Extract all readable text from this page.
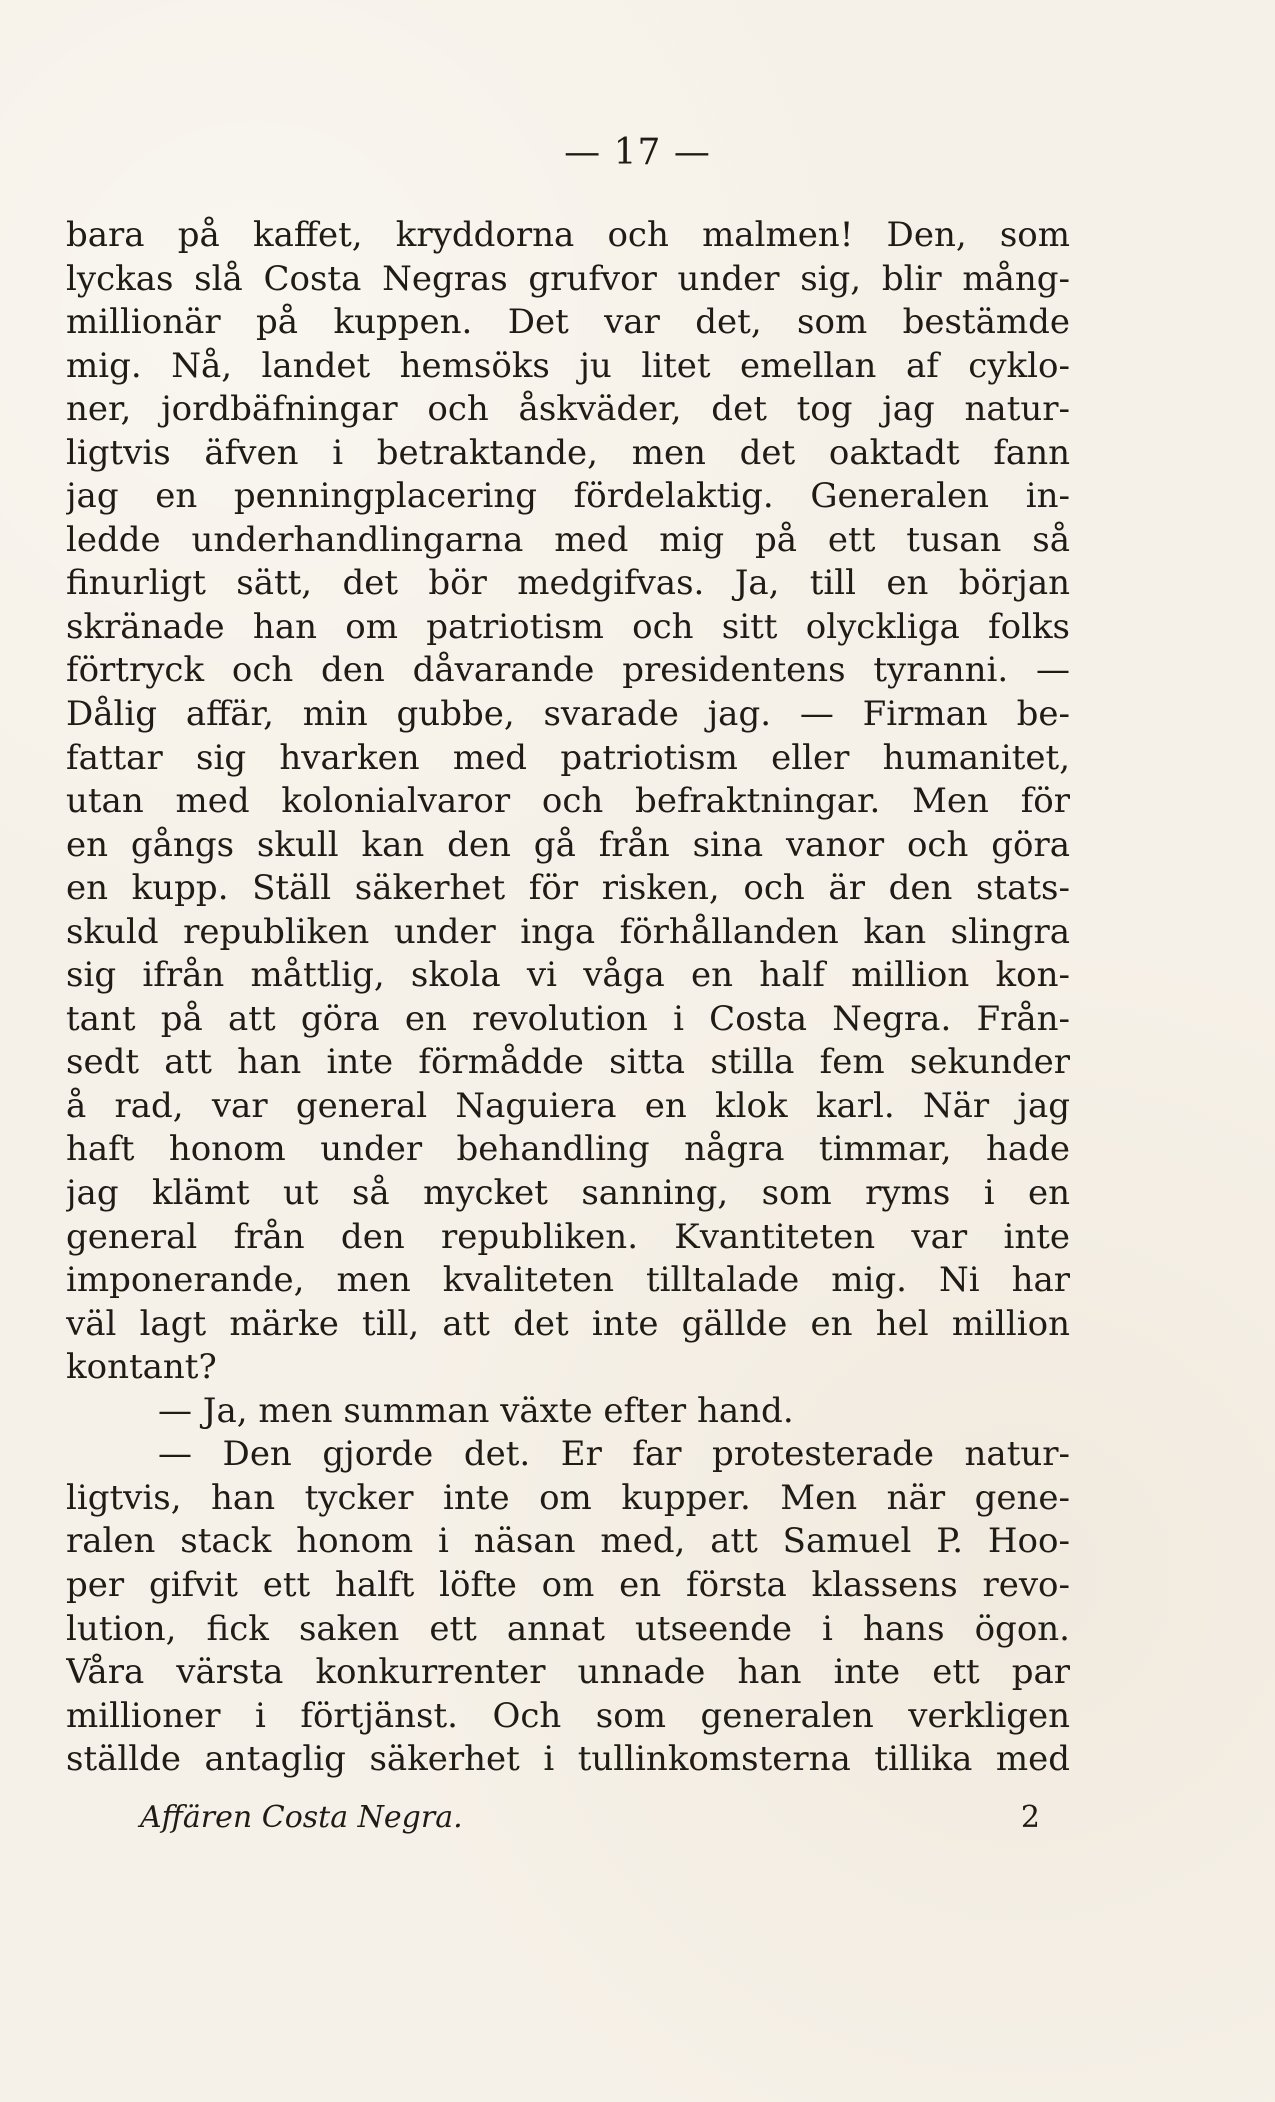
— 17 —
bara på kaffet, kryddorna och malmen! Den, som
lyckas slå Costa Negras grufvor under sig, blir mång-
millionär på kuppen. Det var det, som bestämde
mig. Nå, landet hemsöks ju litet emellan af cyklo-
ner, jordbäfningar och åskväder, det tog jag natur-
ligtvis äfven i betraktande, men det oaktadt fann
jag en penningplacering fördelaktig. Generalen in-
ledde underhandlingarna med mig på ett tusan så
finurligt sätt, det bör medgifvas. Ja, till en början
skränade han om patriotism och sitt olyckliga folks
förtryck och den dåvarande presidentens tyranni. —
Dålig affär, min gubbe, svarade jag. — Firman be-
fattar sig hvarken med patriotism eller humanitet,
utan med kolonialvaror och befraktningar. Men för
en gångs skull kan den gå från sina vanor och göra
en kupp. Ställ säkerhet för risken, och är den stats-
skuld republiken under inga förhållanden kan slingra
sig ifrån måttlig, skola vi våga en half million kon-
tant på att göra en revolution i Costa Negra. Från-
sedt att han inte förmådde sitta stilla fem sekunder
å rad, var general Naguiera en klok karl. När jag
haft honom under behandling några timmar, hade
jag klämt ut så mycket sanning, som ryms i en
general från den republiken. Kvantiteten var inte
imponerande, men kvaliteten tilltalade mig. Ni har
väl lagt märke till, att det inte gällde en hel million
kontant?
— Ja, men summan växte efter hand.
— Den gjorde det. Er far protesterade natur-
ligtvis, han tycker inte om kupper. Men när gene-
ralen stack honom i näsan med, att Samuel P. Hoo-
per gifvit ett halft löfte om en första klassens revo-
lution, fick saken ett annat utseende i hans ögon.
Våra värsta konkurrenter unnade han inte ett par
millioner i förtjänst. Och som generalen verkligen
ställde antaglig säkerhet i tullinkomsterna tillika med
Affären Costa Negra.	2
